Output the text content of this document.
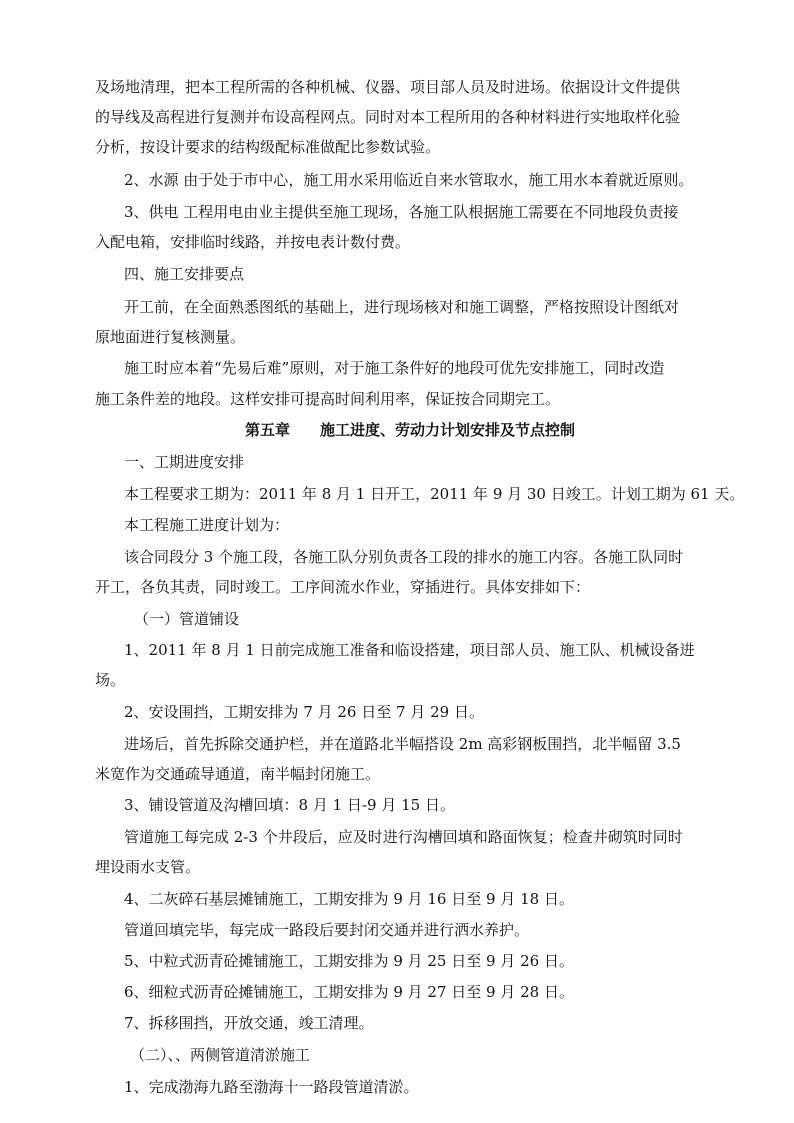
及场地清理，把本工程所需的各种机械、仪器、项目部人员及时进场。依据设计文件提供
的导线及高程进行复测并布设高程网点。同时对本工程所用的各种材料进行实地取样化验
分析，按设计要求的结构级配标准做配比参数试验。
2、水源 由于处于市中心，施工用水采用临近自来水管取水，施工用水本着就近原则。
3、供电 工程用电由业主提供至施工现场，各施工队根据施工需要在不同地段负责接
入配电箱，安排临时线路，并按电表计数付费。
四、施工安排要点
开工前，在全面熟悉图纸的基础上，进行现场核对和施工调整，严格按照设计图纸对
原地面进行复核测量。
施工时应本着“先易后难”原则，对于施工条件好的地段可优先安排施工，同时改造
施工条件差的地段。这样安排可提高时间利用率，保证按合同期完工。
第五章 施工进度、劳动力计划安排及节点控制
一、工期进度安排
本工程要求工期为：2011 年 8 月 1 日开工，2011 年 9 月 30 日竣工。计划工期为 61 天。
本工程施工进度计划为：
该合同段分 3 个施工段，各施工队分别负责各工段的排水的施工内容。各施工队同时
开工，各负其责，同时竣工。工序间流水作业，穿插进行。具体安排如下：
（一）管道铺设
1、2011 年 8 月 1 日前完成施工准备和临设搭建，项目部人员、施工队、机械设备进
场。
2、安设围挡，工期安排为 7 月 26 日至 7 月 29 日。
进场后，首先拆除交通护栏，并在道路北半幅搭设 2m 高彩钢板围挡，北半幅留 3.5
米宽作为交通疏导通道，南半幅封闭施工。
3、铺设管道及沟槽回填：8 月 1 日-9 月 15 日。
管道施工每完成 2-3 个井段后，应及时进行沟槽回填和路面恢复；检查井砌筑时同时
埋设雨水支管。
4、二灰碎石基层摊铺施工，工期安排为 9 月 16 日至 9 月 18 日。
管道回填完毕，每完成一路段后要封闭交通并进行洒水养护。
5、中粒式沥青砼摊铺施工，工期安排为 9 月 25 日至 9 月 26 日。
6、细粒式沥青砼摊铺施工，工期安排为 9 月 27 日至 9 月 28 日。
7、拆移围挡，开放交通，竣工清理。
（二）、、两侧管道清淤施工
1、完成渤海九路至渤海十一路段管道清淤。
